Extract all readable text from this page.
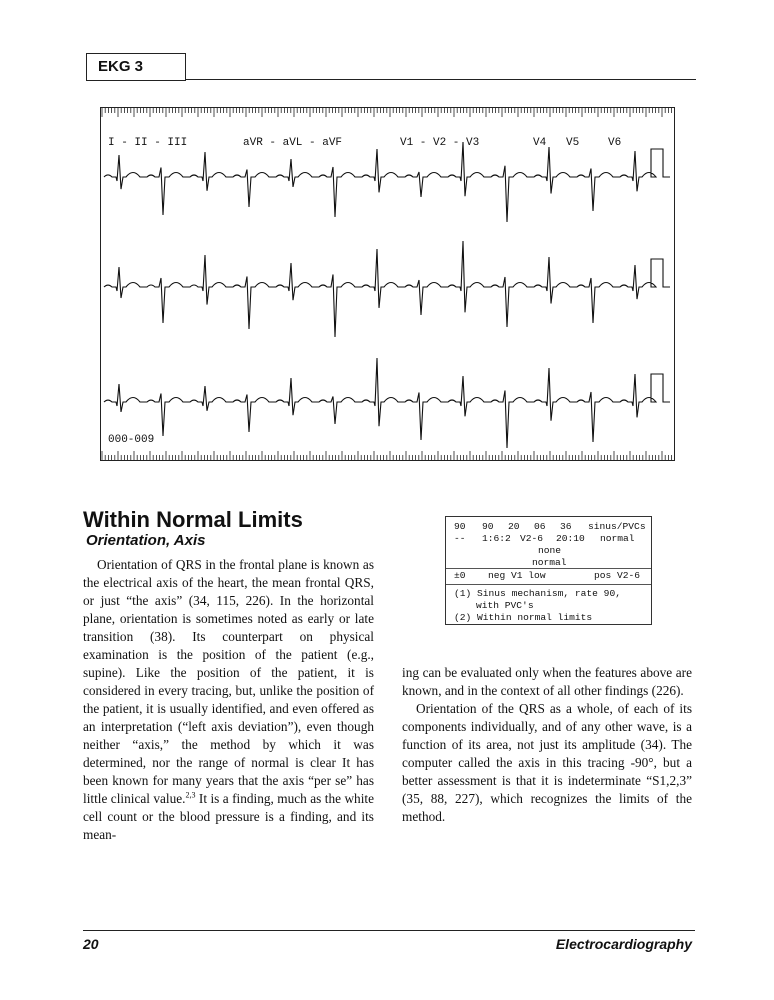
EKG 3
I - II - III	aVR - aVL - aVF	V1 - V2 - V3	V4 V5	V6
000-009
Within Normal Limits
Orientation, Axis

Orientation of QRS in the frontal plane is known as the electrical axis of the heart, the mean frontal QRS, or just “the axis” (34, 115, 226). In the horizontal plane, orientation is sometimes noted as early or late transition (38). Its counterpart on physical examination is the position of the patient (e.g., supine). Like the position of the patient, it is considered in every tracing, but, unlike the position of the patient, it is usually identified, and even offered as an interpretation (“left axis deviation”), even though neither “axis,” the method by which it was determined, nor the range of normal is clear It has been known for many years that the axis “per se” has little clinical value.$^{2,3}$ It is a finding, much as the white cell count or the blood pressure is a finding, and its mean-

90 90 20 06 36 sinus/PVCs
-- 1:6:2 V2-6 20:10 normal
none
normal
±0 neg V1 low	pos V2-6
(1) Sinus mechanism, rate 90,
with PVC's
(2) Within normal limits

ing can be evaluated only when the features above are known, and in the context of all other findings (226).

Orientation of the QRS as a whole, of each of its components individually, and of any other wave, is a function of its area, not just its amplitude (34). The computer called the axis in this tracing -90°, but a better assessment is that it is indeterminate “S1,2,3” (35, 88, 227), which recognizes the limits of the method.

20	Electrocardiography
